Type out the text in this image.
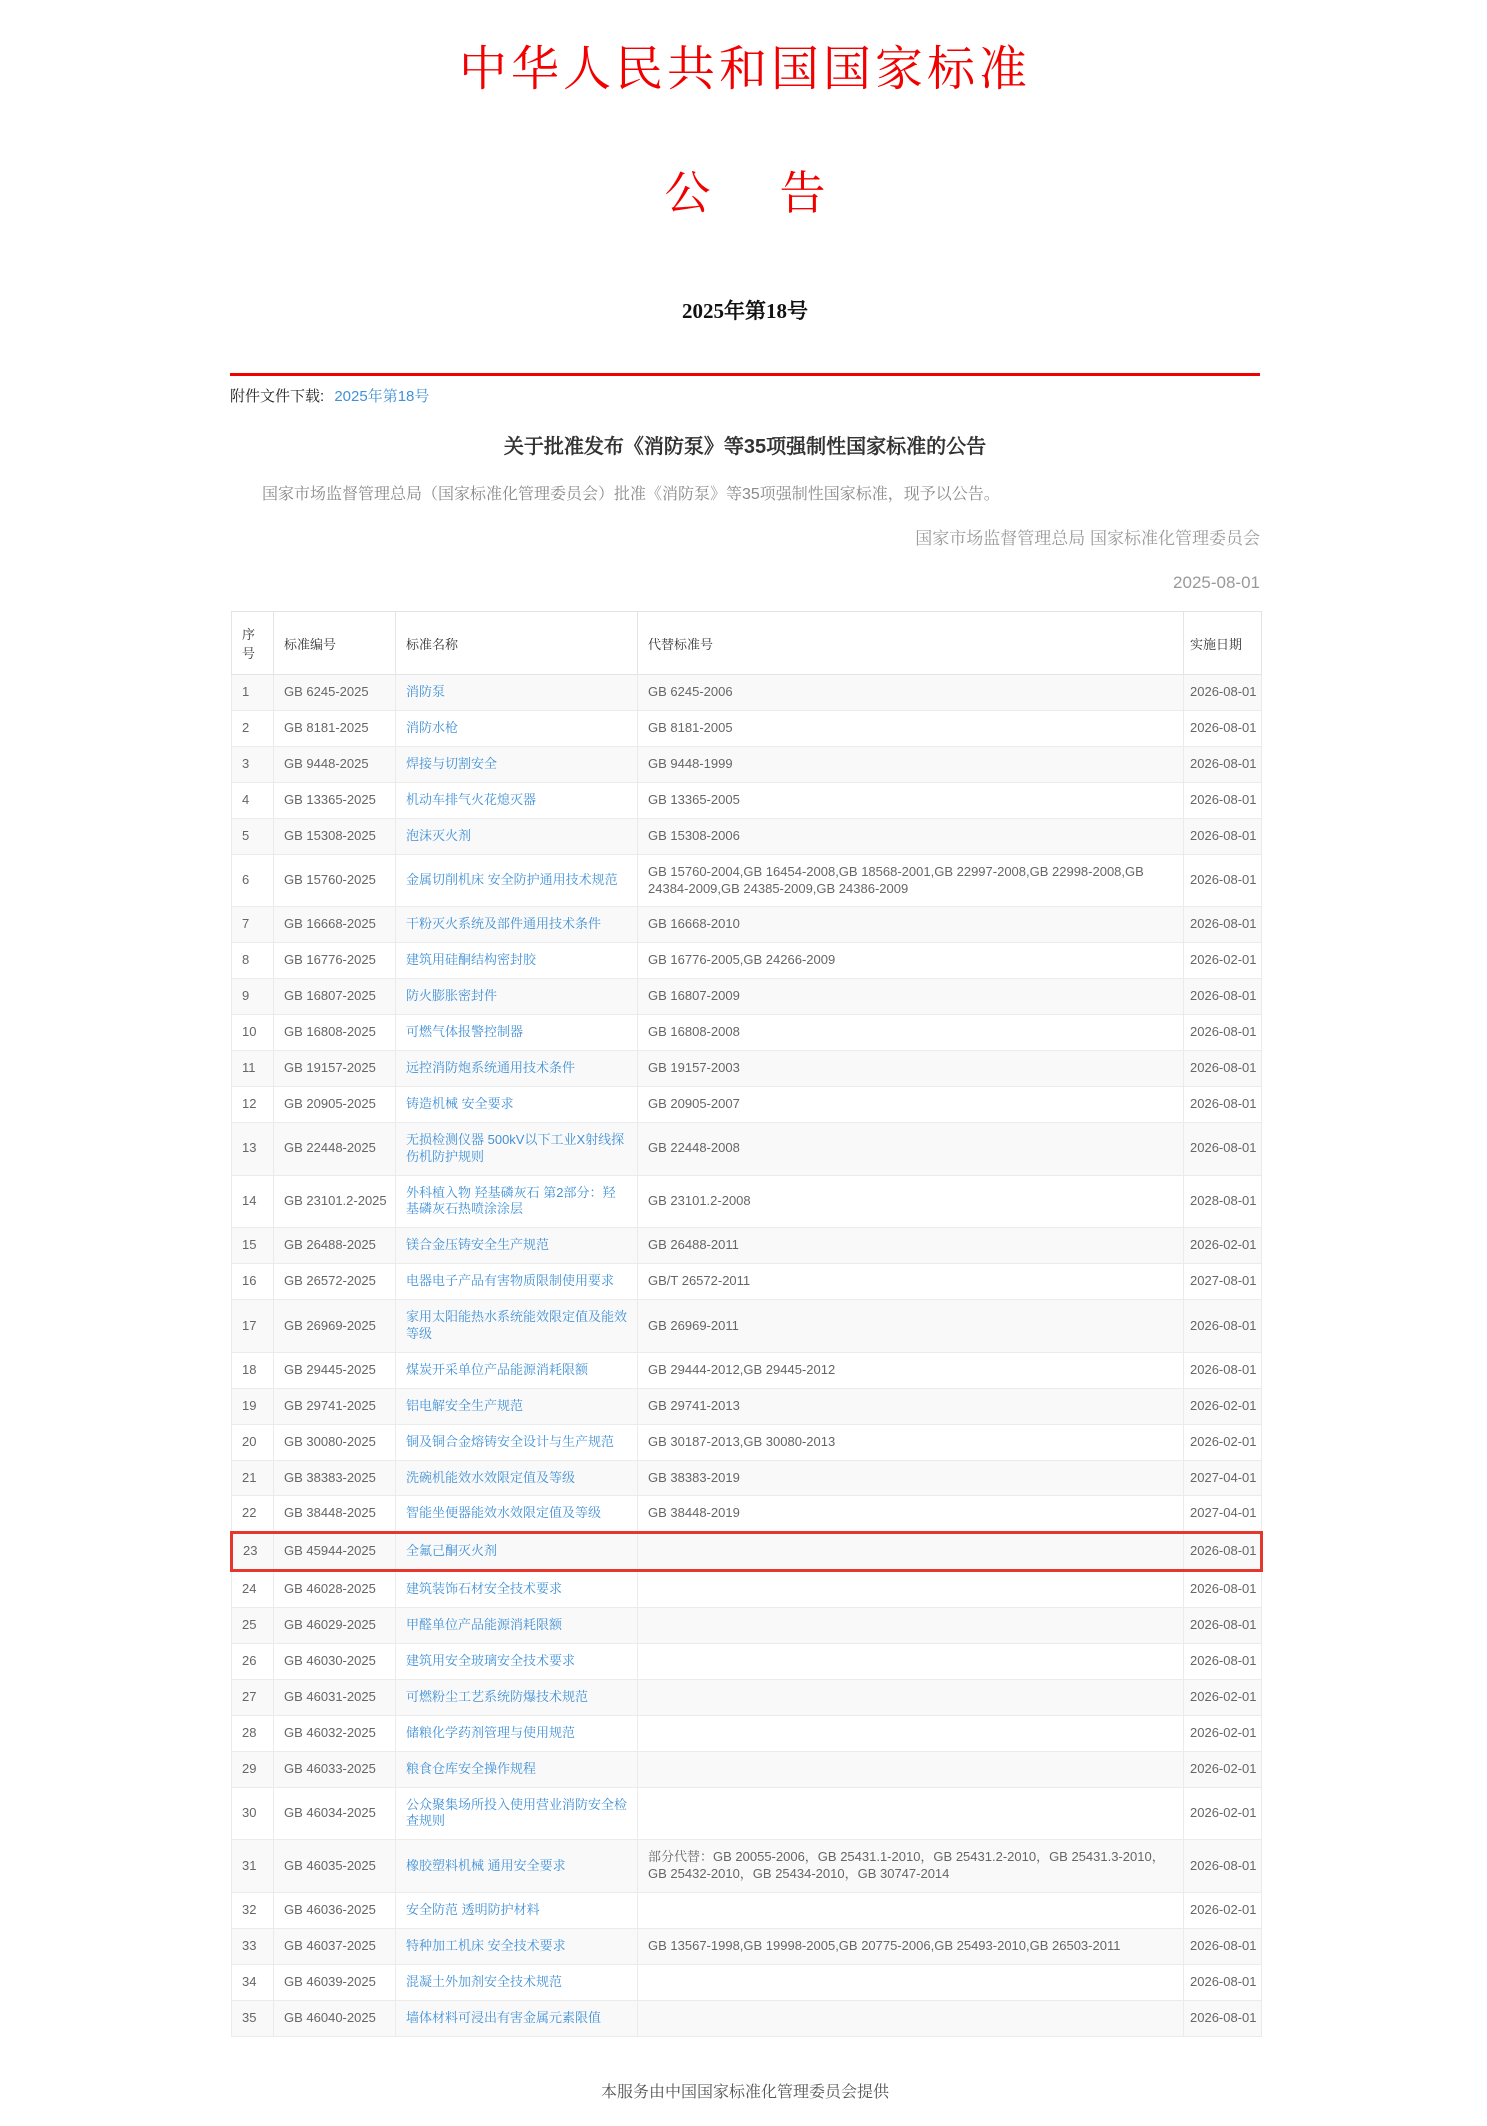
中华人民共和国国家标准
公      告
2025年第18号
附件文件下载: 2025年第18号
关于批准发布《消防泵》等35项强制性国家标准的公告

国家市场监督管理总局（国家标准化管理委员会）批准《消防泵》等35项强制性国家标准，现予以公告。

国家市场监督管理总局 国家标准化管理委员会
2025-08-01
序号	标准编号	标准名称	代替标准号	实施日期
1	GB 6245-2025	消防泵	GB 6245-2006	2026-08-01
2	GB 8181-2025	消防水枪	GB 8181-2005	2026-08-01
3	GB 9448-2025	焊接与切割安全	GB 9448-1999	2026-08-01
4	GB 13365-2025	机动车排气火花熄灭器	GB 13365-2005	2026-08-01
5	GB 15308-2025	泡沫灭火剂	GB 15308-2006	2026-08-01
6	GB 15760-2025	金属切削机床 安全防护通用技术规范	GB 15760-2004,GB 16454-2008,GB 18568-2001,GB 22997-2008,GB 22998-2008,GB 24384-2009,GB 24385-2009,GB 24386-2009	2026-08-01
7	GB 16668-2025	干粉灭火系统及部件通用技术条件	GB 16668-2010	2026-08-01
8	GB 16776-2025	建筑用硅酮结构密封胶	GB 16776-2005,GB 24266-2009	2026-02-01
9	GB 16807-2025	防火膨胀密封件	GB 16807-2009	2026-08-01
10	GB 16808-2025	可燃气体报警控制器	GB 16808-2008	2026-08-01
11	GB 19157-2025	远控消防炮系统通用技术条件	GB 19157-2003	2026-08-01
12	GB 20905-2025	铸造机械 安全要求	GB 20905-2007	2026-08-01
13	GB 22448-2025	无损检测仪器 500kV以下工业X射线探伤机防护规则	GB 22448-2008	2026-08-01
14	GB 23101.2-2025	外科植入物 羟基磷灰石 第2部分：羟基磷灰石热喷涂涂层	GB 23101.2-2008	2028-08-01
15	GB 26488-2025	镁合金压铸安全生产规范	GB 26488-2011	2026-02-01
16	GB 26572-2025	电器电子产品有害物质限制使用要求	GB/T 26572-2011	2027-08-01
17	GB 26969-2025	家用太阳能热水系统能效限定值及能效等级	GB 26969-2011	2026-08-01
18	GB 29445-2025	煤炭开采单位产品能源消耗限额	GB 29444-2012,GB 29445-2012	2026-08-01
19	GB 29741-2025	铝电解安全生产规范	GB 29741-2013	2026-02-01
20	GB 30080-2025	铜及铜合金熔铸安全设计与生产规范	GB 30187-2013,GB 30080-2013	2026-02-01
21	GB 38383-2025	洗碗机能效水效限定值及等级	GB 38383-2019	2027-04-01
22	GB 38448-2025	智能坐便器能效水效限定值及等级	GB 38448-2019	2027-04-01
23	GB 45944-2025	全氟己酮灭火剂		2026-08-01
24	GB 46028-2025	建筑装饰石材安全技术要求		2026-08-01
25	GB 46029-2025	甲醛单位产品能源消耗限额		2026-08-01
26	GB 46030-2025	建筑用安全玻璃安全技术要求		2026-08-01
27	GB 46031-2025	可燃粉尘工艺系统防爆技术规范		2026-02-01
28	GB 46032-2025	储粮化学药剂管理与使用规范		2026-02-01
29	GB 46033-2025	粮食仓库安全操作规程		2026-02-01
30	GB 46034-2025	公众聚集场所投入使用营业消防安全检查规则		2026-02-01
31	GB 46035-2025	橡胶塑料机械 通用安全要求	部分代替：GB 20055-2006，GB 25431.1-2010，GB 25431.2-2010，GB 25431.3-2010，GB 25432-2010，GB 25434-2010，GB 30747-2014	2026-08-01
32	GB 46036-2025	安全防范 透明防护材料		2026-02-01
33	GB 46037-2025	特种加工机床 安全技术要求	GB 13567-1998,GB 19998-2005,GB 20775-2006,GB 25493-2010,GB 26503-2011	2026-08-01
34	GB 46039-2025	混凝土外加剂安全技术规范		2026-08-01
35	GB 46040-2025	墙体材料可浸出有害金属元素限值		2026-08-01
本服务由中国国家标准化管理委员会提供
